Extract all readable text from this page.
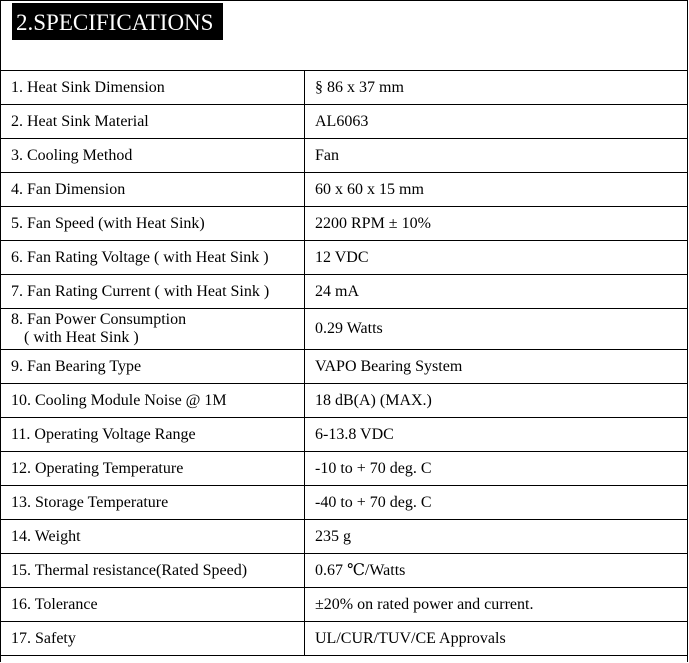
2.SPECIFICATIONS
1. Heat Sink Dimension	§ 86 x 37 mm
2. Heat Sink Material	AL6063
3. Cooling Method	Fan
4. Fan Dimension	60 x 60 x 15 mm
5. Fan Speed (with Heat Sink)	2200 RPM ± 10%
6. Fan Rating Voltage ( with Heat Sink )	12 VDC
7. Fan Rating Current ( with Heat Sink )	24 mA
8. Fan Power Consumption
( with Heat Sink )	0.29 Watts
9. Fan Bearing Type	VAPO Bearing System
10. Cooling Module Noise @ 1M	18 dB(A) (MAX.)
11. Operating Voltage Range	6-13.8 VDC
12. Operating Temperature	-10 to + 70 deg. C
13. Storage Temperature	-40 to + 70 deg. C
14. Weight	235 g
15. Thermal resistance(Rated Speed)	0.67 ℃/Watts
16. Tolerance	±20% on rated power and current.
17. Safety	UL/CUR/TUV/CE Approvals
